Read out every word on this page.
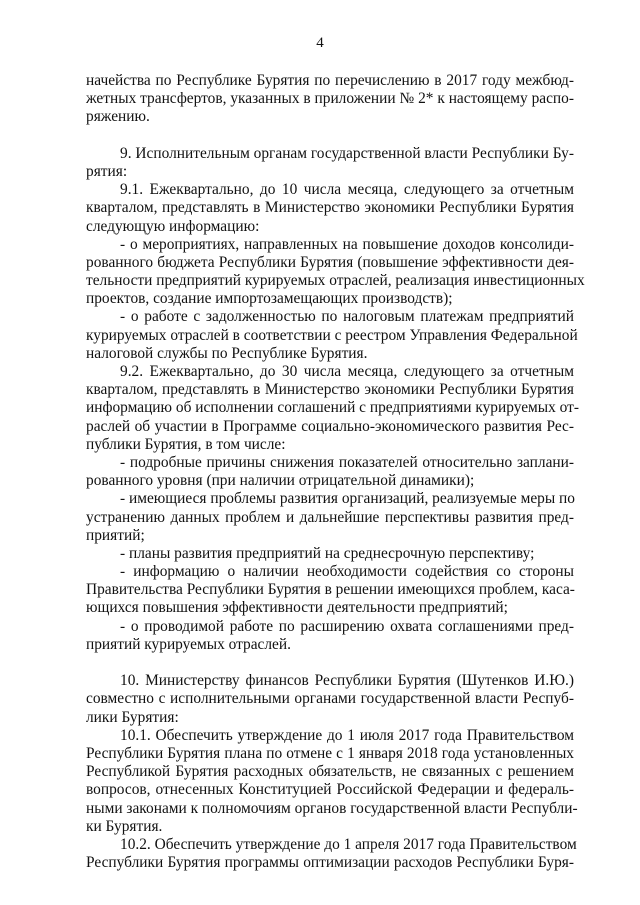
4
начейства по Республике Бурятия по перечислению в 2017 году межбюд-
жетных трансфертов, указанных в приложении № 2* к настоящему распо-
ряжению.
9. Исполнительным органам государственной власти Республики Бу-
рятия:
9.1. Ежеквартально, до 10 числа месяца, следующего за отчетным
кварталом, представлять в Министерство экономики Республики Бурятия
следующую информацию:
- о мероприятиях, направленных на повышение доходов консолиди-
рованного бюджета Республики Бурятия (повышение эффективности дея-
тельности предприятий курируемых отраслей, реализация инвестиционных
проектов, создание импортозамещающих производств);
- о работе с задолженностью по налоговым платежам предприятий
курируемых отраслей в соответствии с реестром Управления Федеральной
налоговой службы по Республике Бурятия.
9.2. Ежеквартально, до 30 числа месяца, следующего за отчетным
кварталом, представлять в Министерство экономики Республики Бурятия
информацию об исполнении соглашений с предприятиями курируемых от-
раслей об участии в Программе социально-экономического развития Рес-
публики Бурятия, в том числе:
- подробные причины снижения показателей относительно заплани-
рованного уровня (при наличии отрицательной динамики);
- имеющиеся проблемы развития организаций, реализуемые меры по
устранению данных проблем и дальнейшие перспективы развития пред-
приятий;
- планы развития предприятий на среднесрочную перспективу;
- информацию о наличии необходимости содействия со стороны
Правительства Республики Бурятия в решении имеющихся проблем, каса-
ющихся повышения эффективности деятельности предприятий;
- о проводимой работе по расширению охвата соглашениями пред-
приятий курируемых отраслей.
10. Министерству финансов Республики Бурятия (Шутенков И.Ю.)
совместно с исполнительными органами государственной власти Респуб-
лики Бурятия:
10.1. Обеспечить утверждение до 1 июля 2017 года Правительством
Республики Бурятия плана по отмене с 1 января 2018 года установленных
Республикой Бурятия расходных обязательств, не связанных с решением
вопросов, отнесенных Конституцией Российской Федерации и федераль-
ными законами к полномочиям органов государственной власти Республи-
ки Бурятия.
10.2. Обеспечить утверждение до 1 апреля 2017 года Правительством
Республики Бурятия программы оптимизации расходов Республики Буря-
